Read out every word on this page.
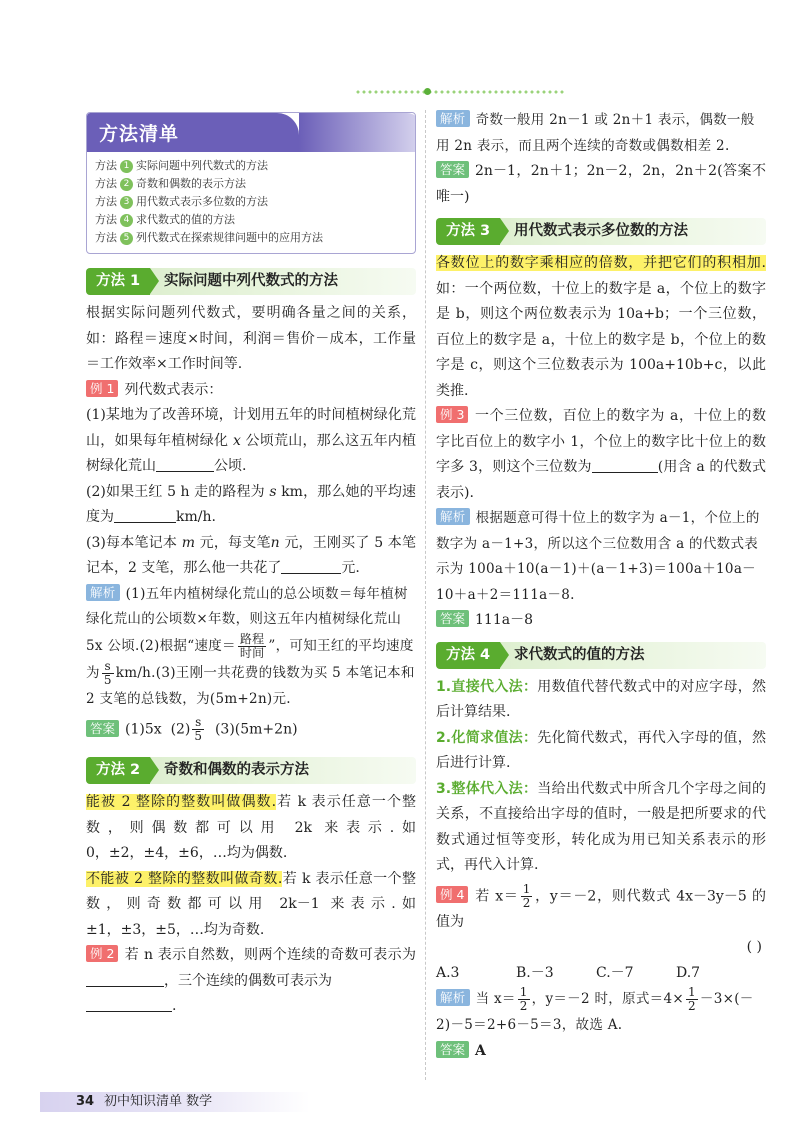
方法清单
方法 1 实际问题中列代数式的方法
方法 2 奇数和偶数的表示方法
方法 3 用代数式表示多位数的方法
方法 4 求代数式的值的方法
方法 5 列代数式在探索规律问题中的应用方法
方法 1	实际问题中列代数式的方法

根据实际问题列代数式，要明确各量之间的关系，如：路程＝速度×时间，利润＝售价－成本，工作量＝工作效率×工作时间等.

例 1 列代数式表示：

(1)某地为了改善环境，计划用五年的时间植树绿化荒山，如果每年植树绿化 x 公顷荒山，那么这五年内植树绿化荒山	公顷.

(2)如果王红 5 h 走的路程为 s km，那么她的平均速度为	km/h.

(3)每本笔记本 m 元，每支笔n 元，王刚买了 5 本笔记本，2 支笔，那么他一共花了	元.

解析 (1)五年内植树绿化荒山的总公顷数＝每年植树绿化荒山的公顷数×年数，则这五年内植树绿化荒山 5x 公顷.(2)根据“速度＝ $\frac{\text{路程}}{\text{时间}}$ ”，可知王红的平均速度为 $\frac{s}{5} km/h.(3)$王刚一共花费的钱数为买 5 本笔记本和 2 支笔的总钱数，为(5m+2n)元.

答案 (1)5x $(2) \frac{s}{5} (3)(5m+2n)$

方法 2	奇数和偶数的表示方法

能被 2 整除的整数叫做偶数.若 k 表示任意一个整数，则偶数都可以用 2k 来表示.如 0，±2，±4，±6，…均为偶数.

不能被 2 整除的整数叫做奇数.若 k 表示任意一个整数，则奇数都可以用 2k－1 来表示.如±1，±3，±5，…均为奇数.

例 2 若 n 表示自然数，则两个连续的奇数可表示为，三个连续的偶数可表示为
.

解析 奇数一般用 2n－1 或 2n＋1 表示，偶数一般用 2n 表示，而且两个连续的奇数或偶数相差 2.

答案 2n－1，2n＋1；2n－2，2n，2n＋2(答案不唯一)

方法 3	用代数式表示多位数的方法

各数位上的数字乘相应的倍数，并把它们的积相加.如：一个两位数，十位上的数字是 a，个位上的数字是 b，则这个两位数表示为 10a+b；一个三位数，百位上的数字是 a，十位上的数字是 b，个位上的数字是 c，则这个三位数表示为 100a+10b+c，以此类推.

例 3 一个三位数，百位上的数字为 a，十位上的数字比百位上的数字小 1，个位上的数字比十位上的数字多 3，则这个三位数为	(用含 a 的代数式表示).

解析 根据题意可得十位上的数字为 a－1，个位上的数字为 a－1+3，所以这个三位数用含 a 的代数式表示为 100a＋10(a－1)＋(a－1+3)＝100a＋10a－10＋a＋2＝111a－8.

答案 111a－8

方法 4	求代数式的值的方法

1.直接代入法：用数值代替代数式中的对应字母，然后计算结果.

2.化简求值法：先化简代数式，再代入字母的值，然后进行计算.

3.整体代入法：当给出代数式中所含几个字母之间的关系，不直接给出字母的值时，一般是把所要求的代数式通过恒等变形，转化成为用已知关系表示的形式，再代入计算.

例 4 若 $x= \frac{1}{2}$ ，y＝－2，则代数式 4x－3y－5 的值为

( )

A.3	B.－3	C.－7	D.7

解析 当 $x= \frac{1}{2}$ ，y＝－2 时，原式$=4\times \frac{1}{2} -3\times(-2)-5=2+6-5=3$，故选 A.

答案 A

34 初中知识清单 数学
